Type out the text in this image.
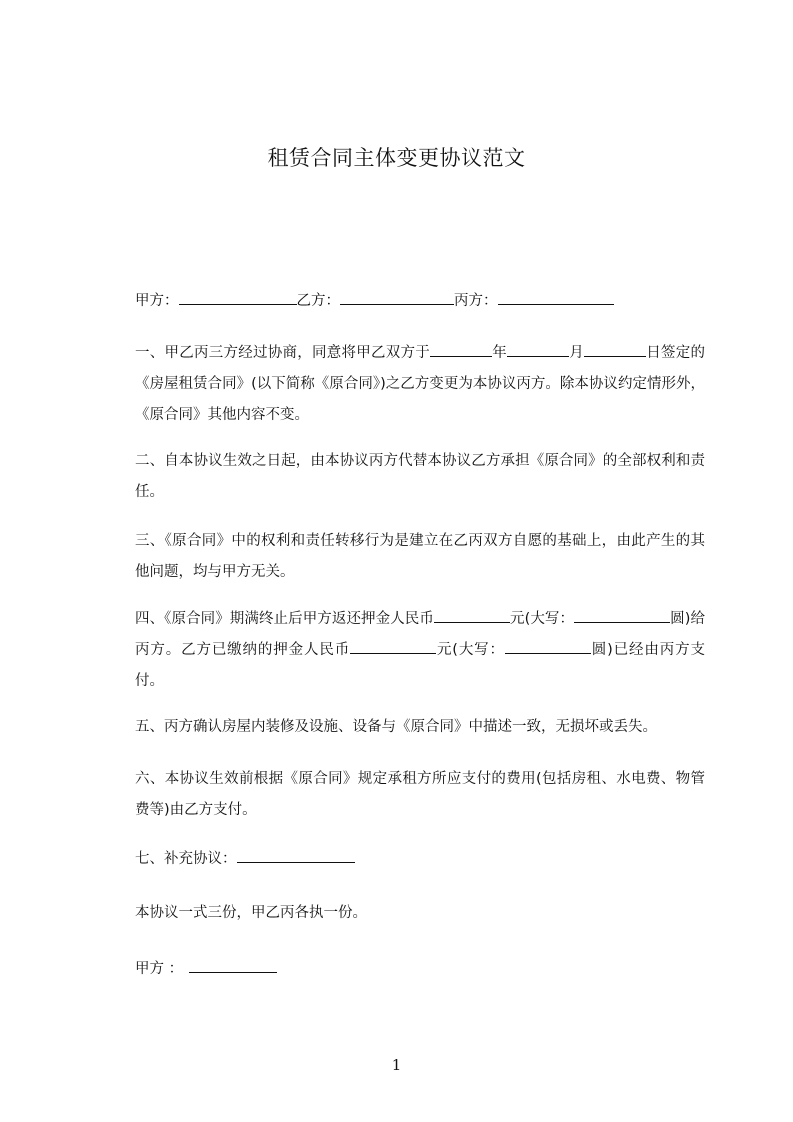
租赁合同主体变更协议范文
甲方：	乙方：	丙方：
一、甲乙丙三方经过协商，同意将甲乙双方于	年	月	日签定的《房屋租赁合同》(以下简称《原合同》)之乙方变更为本协议丙方。除本协议约定情形外，《原合同》其他内容不变。
二、自本协议生效之日起，由本协议丙方代替本协议乙方承担《原合同》的全部权利和责任。
三、《原合同》中的权利和责任转移行为是建立在乙丙双方自愿的基础上，由此产生的其他问题，均与甲方无关。
四、《原合同》期满终止后甲方返还押金人民币	元(大写：	圆)给丙方。乙方已缴纳的押金人民币	元(大写：	圆)已经由丙方支付。
五、丙方确认房屋内装修及设施、设备与《原合同》中描述一致，无损坏或丢失。
六、本协议生效前根据《原合同》规定承租方所应支付的费用(包括房租、水电费、物管费等)由乙方支付。
七、补充协议：
本协议一式三份，甲乙丙各执一份。
甲方 ：
1
